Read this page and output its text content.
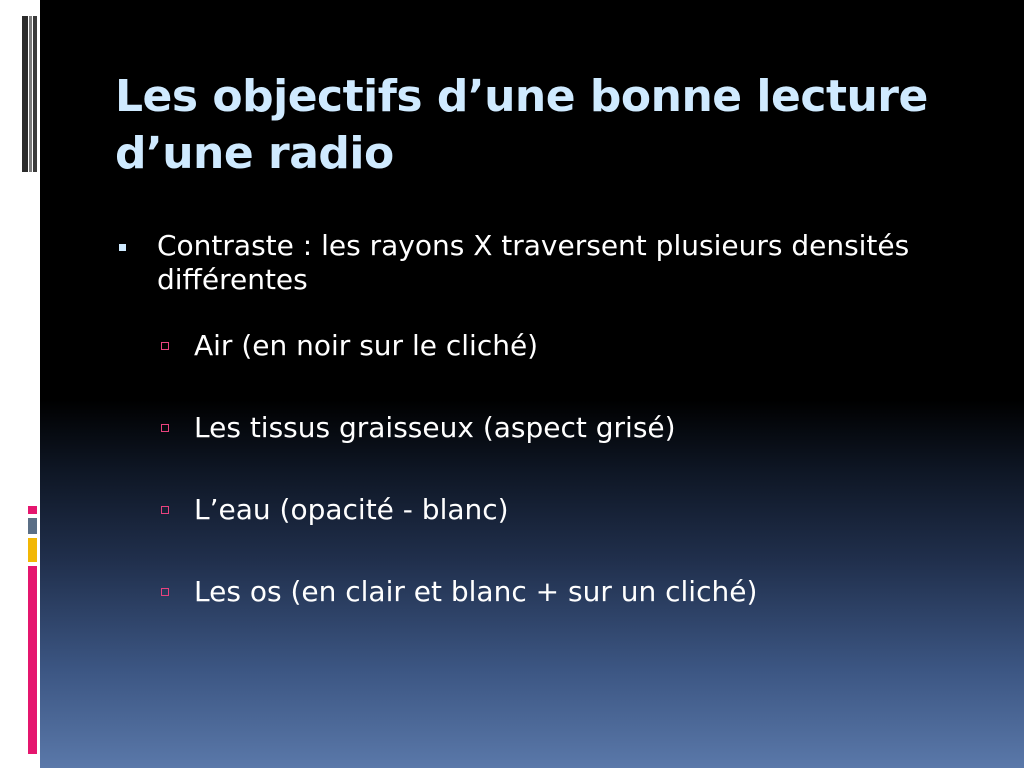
Les objectifs d’une bonne lecture d’une radio
Contraste : les rayons X traversent plusieurs densités différentes
Air (en noir sur le cliché)
Les tissus graisseux (aspect grisé)
L’eau (opacité - blanc)
Les os (en clair et blanc + sur un cliché)
